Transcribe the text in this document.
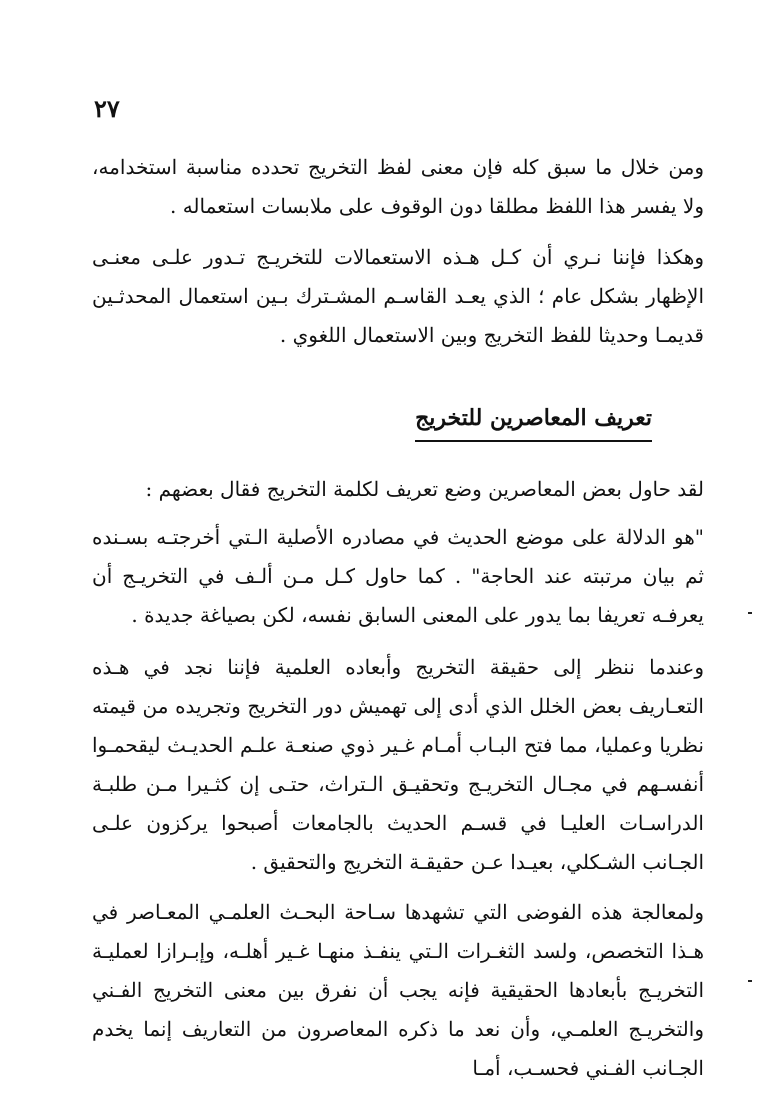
٢٧
ومن خلال ما سبق كله فإن معنى لفظ التخريج تحدده مناسبة استخدامه، ولا يفسر هذا اللفظ مطلقا دون الوقوف على ملابسات استعماله .
وهكذا فإننا نـري أن كـل هـذه الاستعمالات للتخريـج تـدور علـى معنـى الإظهار بشكل عام ؛ الذي يعـد القاسـم المشـترك بـين استعمال المحدثـين قديمـا وحديثا للفظ التخريج وبين الاستعمال اللغوي .
تعريف المعاصرين للتخريج
لقد حاول بعض المعاصرين وضع تعريف لكلمة التخريج فقال بعضهم :
"هو الدلالة على موضع الحديث في مصادره الأصلية الـتي أخرجتـه بسـنده ثم بيان مرتبته عند الحاجة" . كما حاول كـل مـن ألـف في التخريـج أن يعرفـه تعريفا بما يدور على المعنى السابق نفسه، لكن بصياغة جديدة .
وعندما ننظر إلى حقيقة التخريج وأبعاده العلمية فإننا نجد في هـذه التعـاريف بعض الخلل الذي أدى إلى تهميش دور التخريج وتجريده من قيمته نظريا وعمليا، مما فتح البـاب أمـام غـير ذوي صنعـة علـم الحديـث ليقحمـوا أنفسـهم في مجـال التخريـج وتحقيـق الـتراث، حتـى إن كثـيرا مـن طلبـة الدراسـات العليـا في قسـم الحديث بالجامعات أصبحوا يركزون علـى الجـانب الشـكلي، بعيـدا عـن حقيقـة التخريج والتحقيق .
ولمعالجة هذه الفوضى التي تشهدها سـاحة البحـث العلمـي المعـاصر في هـذا التخصص، ولسد الثغـرات الـتي ينفـذ منهـا غـير أهلـه، وإبـرازا لعمليـة التخريـج بأبعادها الحقيقية فإنه يجب أن نفرق بين معنى التخريج الفـني والتخريـج العلمـي، وأن نعد ما ذكره المعاصرون من التعاريف إنما يخدم الجـانب الفـني فحسـب، أمـا
